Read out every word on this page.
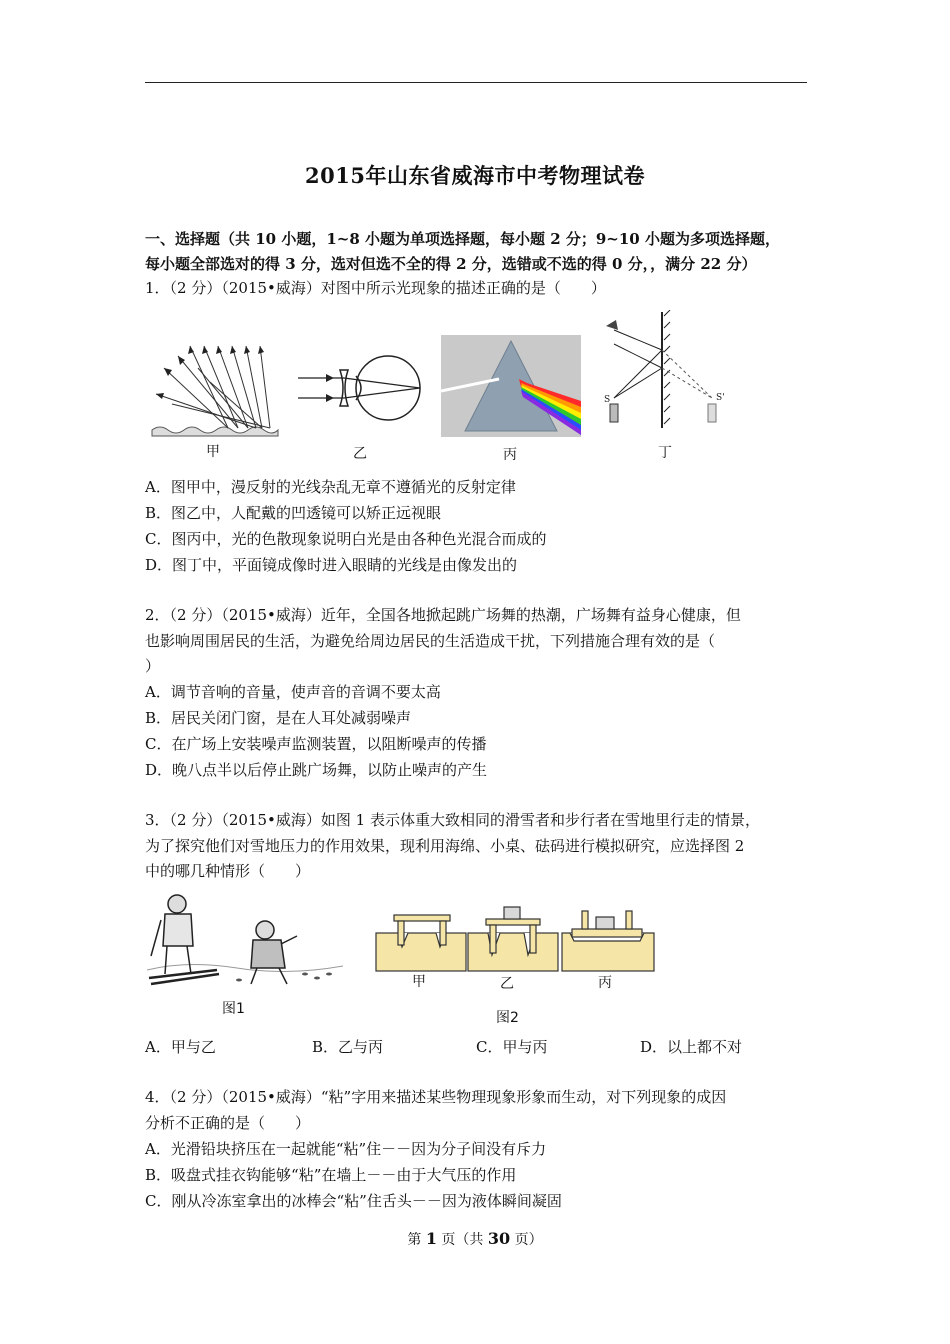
2015年山东省威海市中考物理试卷
一、选择题（共 10 小题，1~8 小题为单项选择题，每小题 2 分；9~10 小题为多项选择题，
每小题全部选对的得 3 分，选对但选不全的得 2 分，选错或不选的得 0 分，，满分 22 分）
1．（2 分）（2015•威海）对图中所示光现象的描述正确的是（　　）
甲	乙	丙
S	S'
丁
A．图甲中，漫反射的光线杂乱无章不遵循光的反射定律
B．图乙中，人配戴的凹透镜可以矫正远视眼
C．图丙中，光的色散现象说明白光是由各种色光混合而成的
D．图丁中，平面镜成像时进入眼睛的光线是由像发出的
2．（2 分）（2015•威海）近年，全国各地掀起跳广场舞的热潮，广场舞有益身心健康，但
也影响周围居民的生活，为避免给周边居民的生活造成干扰，下列措施合理有效的是（
）
A．调节音响的音量，使声音的音调不要太高
B．居民关闭门窗，是在人耳处减弱噪声
C．在广场上安装噪声监测装置，以阻断噪声的传播
D．晚八点半以后停止跳广场舞，以防止噪声的产生
3．（2 分）（2015•威海）如图 1 表示体重大致相同的滑雪者和步行者在雪地里行走的情景，
为了探究他们对雪地压力的作用效果，现利用海绵、小桌、砝码进行模拟研究，应选择图 2
中的哪几种情形（　　）
图1
甲	乙	丙
图2
A．甲与乙	B．乙与丙	C．甲与丙	D．以上都不对
4．（2 分）（2015•威海）“粘”字用来描述某些物理现象形象而生动，对下列现象的成因
分析不正确的是（　　）
A．光滑铅块挤压在一起就能“粘”住－－因为分子间没有斥力
B．吸盘式挂衣钩能够“粘”在墙上－－由于大气压的作用
C．刚从冷冻室拿出的冰棒会“粘”住舌头－－因为液体瞬间凝固
第 1 页（共 30 页）
